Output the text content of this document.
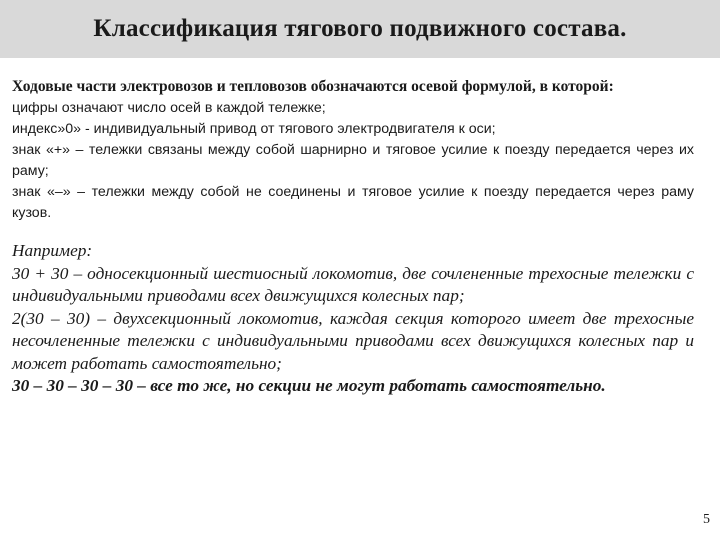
Классификация тягового подвижного состава.

Ходовые части электровозов и тепловозов обозначаются осевой формулой, в которой:

цифры означают число осей в каждой тележке;

индекс»0» - индивидуальный привод от тягового электродвигателя к оси;

знак «+» – тележки связаны между собой шарнирно и тяговое усилие к поезду передается через их раму;

знак «–» – тележки между собой не соединены и тяговое усилие к поезду передается через раму кузов.

Например:

30 + 30 – односекционный шестиосный локомотив, две сочлененные трехосные тележки с индивидуальными приводами всех движущихся колесных пар;

2(30 – 30) – двухсекционный локомотив, каждая секция которого имеет две трехосные несочлененные тележки с индивидуальными приводами всех движущихся колесных пар и может работать самостоятельно;

30 – 30 – 30 – 30 – все то же, но секции не могут работать самостоятельно.

5
